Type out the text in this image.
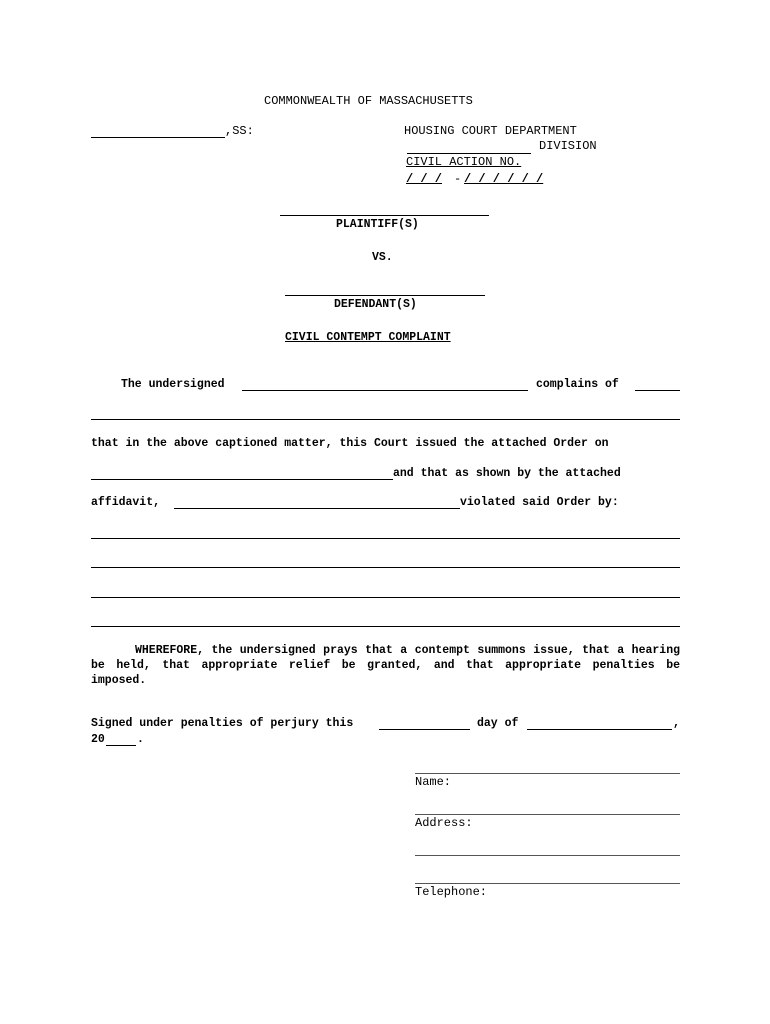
COMMONWEALTH OF MASSACHUSETTS
,SS:	HOUSING COURT DEPARTMENT
DIVISION
CIVIL ACTION NO.
/ / / - / / / / / /
PLAINTIFF(S)
VS.
DEFENDANT(S)
CIVIL CONTEMPT COMPLAINT
The undersigned	complains of
that in the above captioned matter, this Court issued the attached Order on
and that as shown by the attached
affidavit,	violated said Order by:
WHEREFORE, the undersigned prays that a contempt summons issue, that a hearing be held, that appropriate relief be granted, and that appropriate penalties be imposed.
Signed under penalties of perjury this	day of	,
20	.
Name:
Address:
Telephone:
